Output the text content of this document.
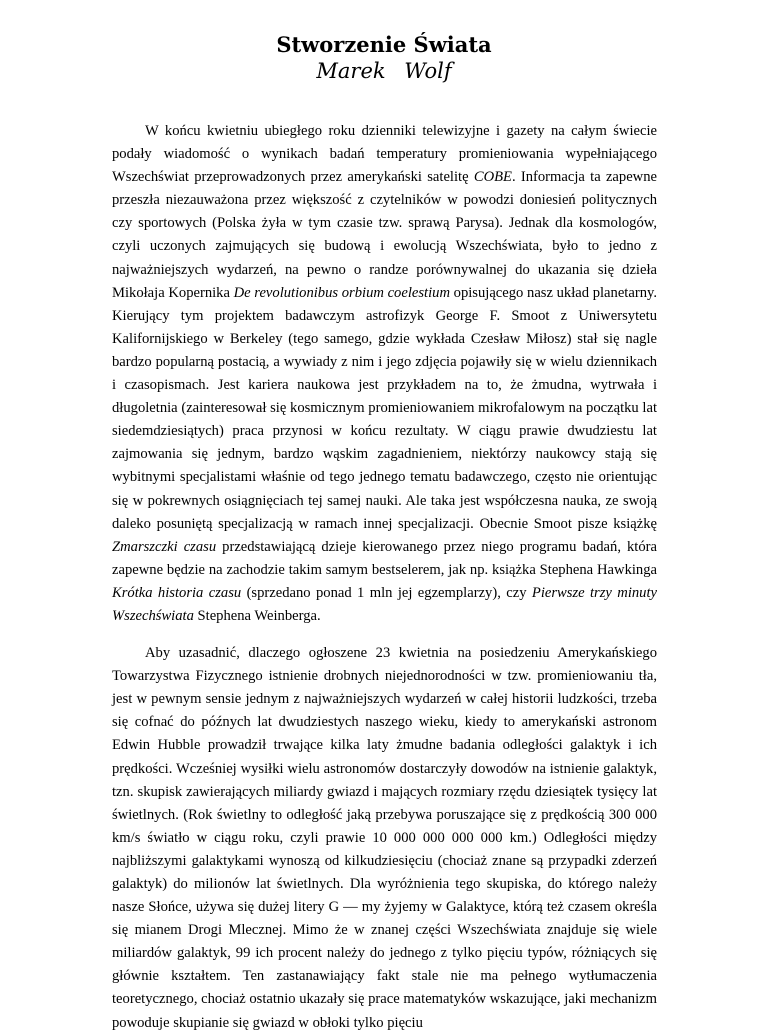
Stworzenie Świata
Marek Wolf

W końcu kwietniu ubiegłego roku dzienniki telewizyjne i gazety na całym świecie podały wiadomość o wynikach badań temperatury promieniowania wypełniającego Wszechświat przeprowadzonych przez amerykański satelitę COBE. Informacja ta zapewne przeszła niezauważona przez większość z czytelników w powodzi doniesień politycznych czy sportowych (Polska żyła w tym czasie tzw. sprawą Parysa). Jednak dla kosmologów, czyli uczonych zajmujących się budową i ewolucją Wszechświata, było to jedno z najważniejszych wydarzeń, na pewno o randze porównywalnej do ukazania się dzieła Mikołaja Kopernika De revolutionibus orbium coelestium opisującego nasz układ planetarny. Kierujący tym projektem badawczym astrofizyk George F. Smoot z Uniwersytetu Kalifornijskiego w Berkeley (tego samego, gdzie wykłada Czesław Miłosz) stał się nagle bardzo popularną postacią, a wywiady z nim i jego zdjęcia pojawiły się w wielu dziennikach i czasopismach. Jest kariera naukowa jest przykładem na to, że żmudna, wytrwała i długoletnia (zainteresował się kosmicznym promieniowaniem mikrofalowym na początku lat siedemdziesiątych) praca przynosi w końcu rezultaty. W ciągu prawie dwudziestu lat zajmowania się jednym, bardzo wąskim zagadnieniem, niektórzy naukowcy stają się wybitnymi specjalistami właśnie od tego jednego tematu badawczego, często nie orientując się w pokrewnych osiągnięciach tej samej nauki. Ale taka jest współczesna nauka, ze swoją daleko posuniętą specjalizacją w ramach innej specjalizacji. Obecnie Smoot pisze książkę Zmarszczki czasu przedstawiającą dzieje kierowanego przez niego programu badań, która zapewne będzie na zachodzie takim samym bestselerem, jak np. książka Stephena Hawkinga Krótka historia czasu (sprzedano ponad 1 mln jej egzemplarzy), czy Pierwsze trzy minuty Wszechświata Stephena Weinberga.

Aby uzasadnić, dlaczego ogłoszene 23 kwietnia na posiedzeniu Amerykańskiego Towarzystwa Fizycznego istnienie drobnych niejednorodności w tzw. promieniowaniu tła, jest w pewnym sensie jednym z najważniejszych wydarzeń w całej historii ludzkości, trzeba się cofnać do późnych lat dwudziestych naszego wieku, kiedy to amerykański astronom Edwin Hubble prowadził trwające kilka laty żmudne badania odległości galaktyk i ich prędkości. Wcześniej wysiłki wielu astronomów dostarczyły dowodów na istnienie galaktyk, tzn. skupisk zawierających miliardy gwiazd i mających rozmiary rzędu dziesiątek tysięcy lat świetlnych. (Rok świetlny to odległość jaką przebywa poruszające się z prędkością 300 000 km/s światło w ciągu roku, czyli prawie 10 000 000 000 000 km.) Odległości między najbliższymi galaktykami wynoszą od kilkudziesięciu (chociaż znane są przypadki zderzeń galaktyk) do milionów lat świetlnych. Dla wyróżnienia tego skupiska, do którego należy nasze Słońce, używa się dużej litery G — my żyjemy w Galaktyce, którą też czasem określa się mianem Drogi Mlecznej. Mimo że w znanej części Wszechświata znajduje się wiele miliardów galaktyk, 99 ich procent należy do jednego z tylko pięciu typów, różniących się głównie kształtem. Ten zastanawiający fakt stale nie ma pełnego wytłumaczenia teoretycznego, chociaż ostatnio ukazały się prace matematyków wskazujące, jaki mechanizm powoduje skupianie się gwiazd w obłoki tylko pięciu
